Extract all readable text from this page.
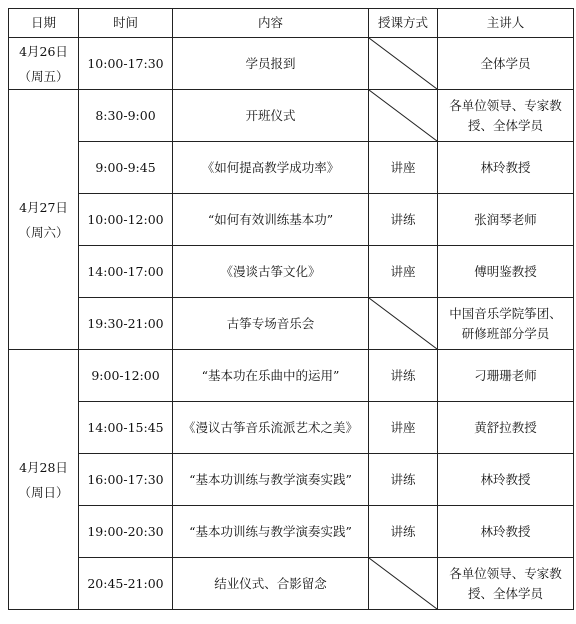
日期	时间	内容	授课方式	主讲人

4月26日
（周五）	10:00-17:30	学员报到		全体学员

4月27日
（周六）	8:30-9:00	开班仪式		各单位领导、专家教
授、全体学员

	9:00-9:45	《如何提高教学成功率》	讲座	林玲教授

	10:00-12:00	“如何有效训练基本功”	讲练	张润琴老师

	14:00-17:00	《漫谈古筝文化》	讲座	傅明鉴教授

	19:30-21:00	古筝专场音乐会		中国音乐学院筝团、
研修班部分学员

4月28日
（周日）	9:00-12:00	“基本功在乐曲中的运用”	讲练	刁珊珊老师

	14:00-15:45	《漫议古筝音乐流派艺术之美》	讲座	黄舒拉教授

	16:00-17:30	“基本功训练与教学演奏实践”	讲练	林玲教授

	19:00-20:30	“基本功训练与教学演奏实践”	讲练	林玲教授

	20:45-21:00	结业仪式、合影留念		各单位领导、专家教
授、全体学员
